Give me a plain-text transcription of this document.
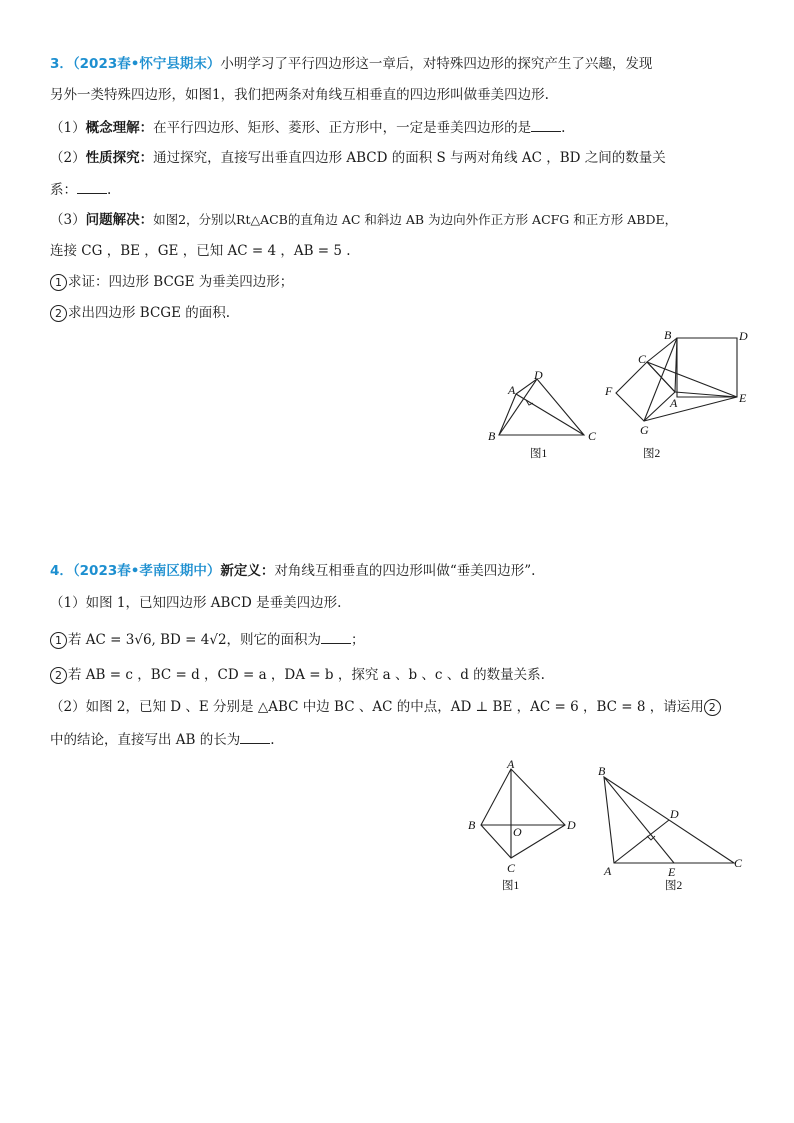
3．（2023春•怀宁县期末）小明学习了平行四边形这一章后，对特殊四边形的探究产生了兴趣，发现
另外一类特殊四边形，如图1，我们把两条对角线互相垂直的四边形叫做垂美四边形.
（1）概念理解：在平行四边形、矩形、菱形、正方形中，一定是垂美四边形的是 .
（2）性质探究：通过探究，直接写出垂直四边形 ABCD 的面积 S 与两对角线 AC ，BD 之间的数量关
系： .
（3）问题解决：如图2，分别以Rt△ACB的直角边 AC 和斜边 AB 为边向外作正方形 ACFG 和正方形 ABDE，
连接 CG ，BE ，GE ，已知 AC = 4 ，AB = 5 .
1 求证：四边形 BCGE 为垂美四边形；
2 求出四边形 BCGE 的面积.
A
D
B	C
图1
B	D
C
F
A	E
G
图2
4．（2023春•孝南区期中）新定义：对角线互相垂直的四边形叫做“垂美四边形”.
（1）如图 1，已知四边形 ABCD 是垂美四边形.
1 若 AC = 3√6, BD = 4√2，则它的面积为 ；
2 若 AB = c ，BC = d ，CD = a ，DA = b ，探究 a 、b 、c 、d 的数量关系.
（2）如图 2，已知 D 、E 分别是 △ABC 中边 BC 、AC 的中点，AD ⊥ BE ，AC = 6 ，BC = 8 ，请运用 2
中的结论，直接写出 AB 的长为 .
A
B	O	D
C
图1
B
D
A	E
C
图2
